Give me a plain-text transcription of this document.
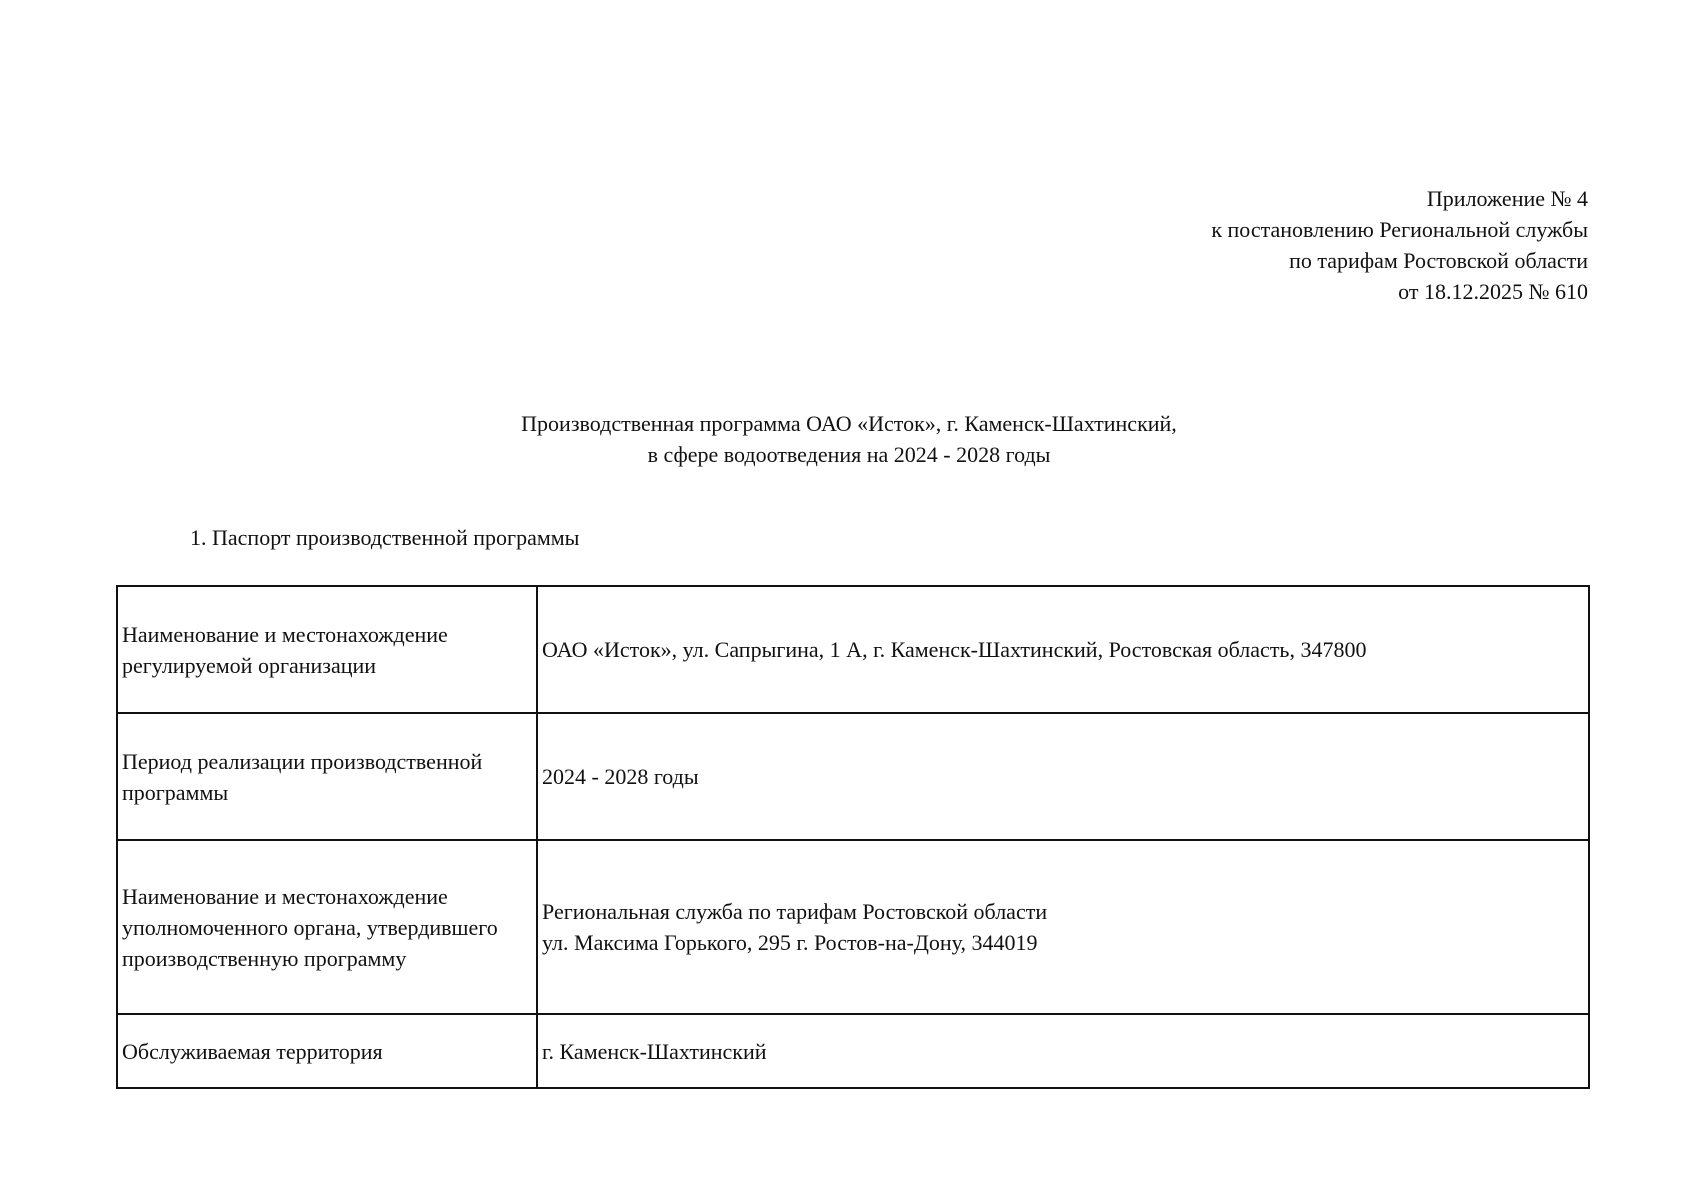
Приложение № 4
к постановлению Региональной службы
по тарифам Ростовской области
от 18.12.2025 № 610
Производственная программа ОАО «Исток», г. Каменск-Шахтинский,
в сфере водоотведения на 2024 - 2028 годы
1. Паспорт производственной программы
Наименование и местонахождение регулируемой организации	ОАО «Исток», ул. Сапрыгина, 1 А, г. Каменск-Шахтинский, Ростовская область, 347800

Период реализации производственной программы	2024 - 2028 годы

Наименование и местонахождение уполномоченного органа, утвердившего производственную программу	Региональная служба по тарифам Ростовской области
ул. Максима Горького, 295 г. Ростов-на-Дону, 344019

Обслуживаемая территория	г. Каменск-Шахтинский
